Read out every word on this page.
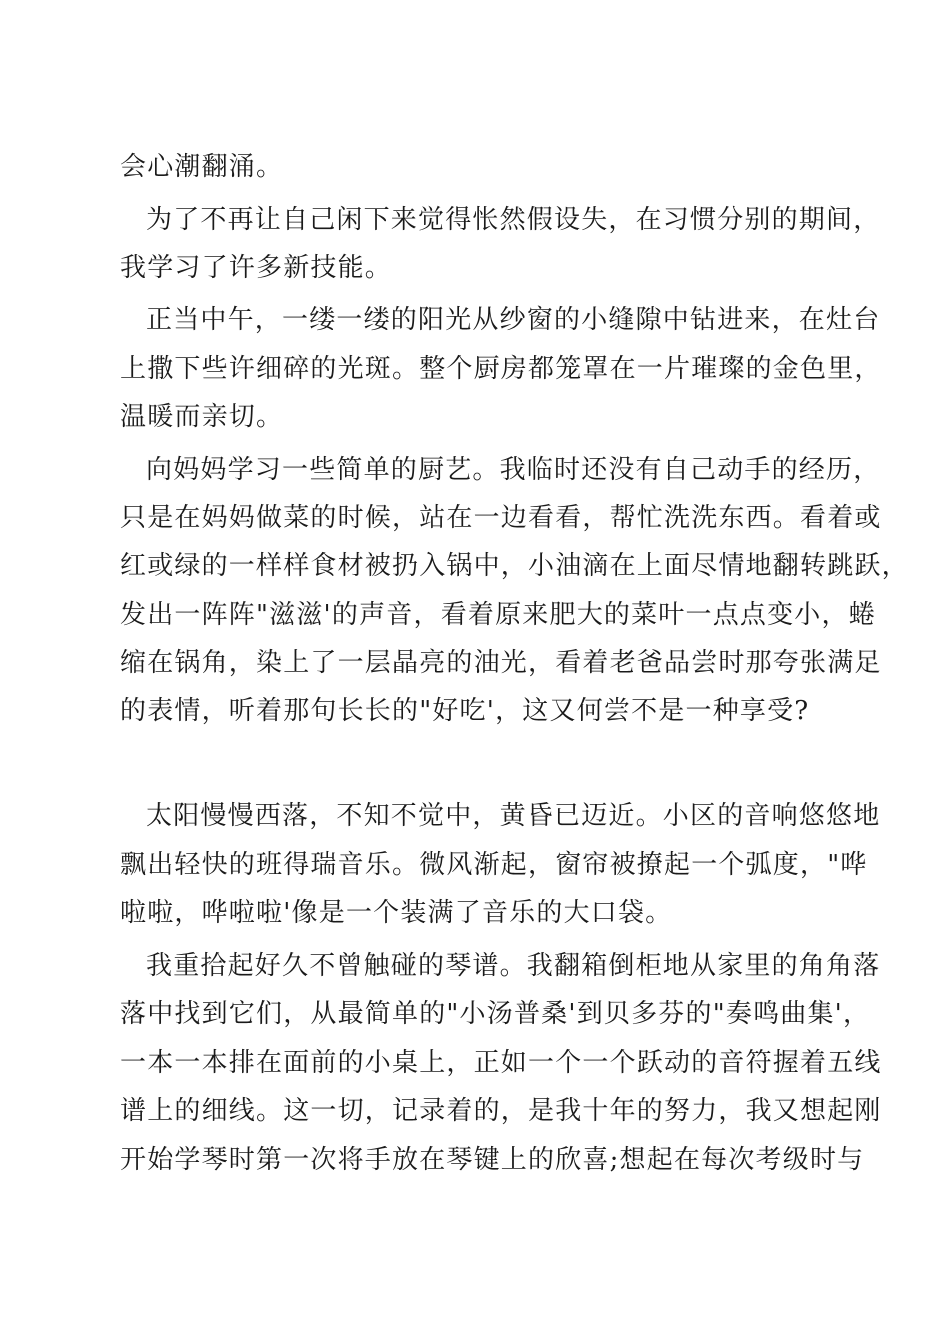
会心潮翻涌。

为了不再让自己闲下来觉得怅然假设失，在习惯分别的期间，

我学习了许多新技能。

正当中午，一缕一缕的阳光从纱窗的小缝隙中钻进来，在灶台

上撒下些许细碎的光斑。整个厨房都笼罩在一片璀璨的金色里，

温暖而亲切。

向妈妈学习一些简单的厨艺。我临时还没有自己动手的经历，

只是在妈妈做菜的时候，站在一边看看，帮忙洗洗东西。看着或

红或绿的一样样食材被扔入锅中，小油滴在上面尽情地翻转跳跃，

发出一阵阵"滋滋'的声音，看着原来肥大的菜叶一点点变小，蜷

缩在锅角，染上了一层晶亮的油光，看着老爸品尝时那夸张满足

的表情，听着那句长长的"好吃'，这又何尝不是一种享受?

太阳慢慢西落，不知不觉中，黄昏已迈近。小区的音响悠悠地

飘出轻快的班得瑞音乐。微风渐起，窗帘被撩起一个弧度，"哗

啦啦，哗啦啦'像是一个装满了音乐的大口袋。

我重拾起好久不曾触碰的琴谱。我翻箱倒柜地从家里的角角落

落中找到它们，从最简单的"小汤普桑'到贝多芬的"奏鸣曲集'，

一本一本排在面前的小桌上，正如一个一个跃动的音符握着五线

谱上的细线。这一切，记录着的，是我十年的努力，我又想起刚

开始学琴时第一次将手放在琴键上的欣喜;想起在每次考级时与
